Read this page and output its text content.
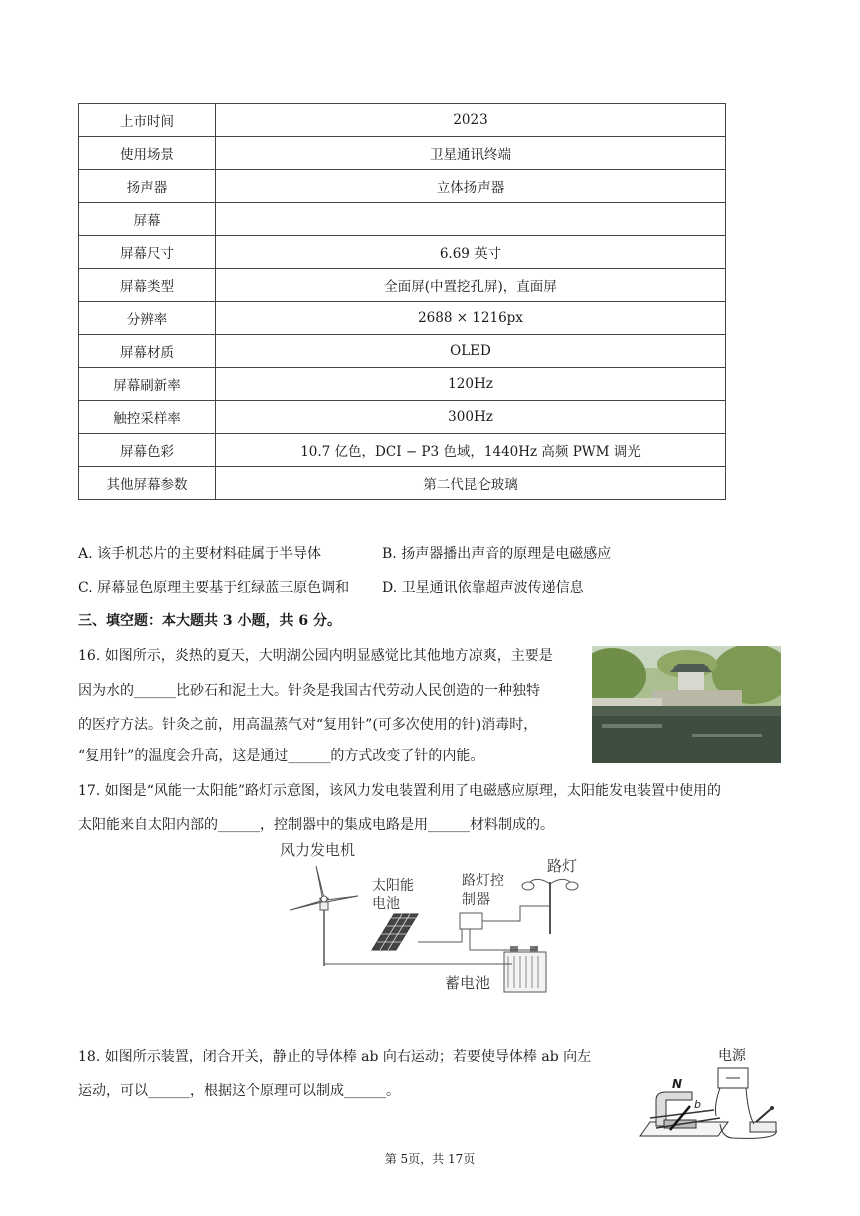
上市时间	2023
使用场景	卫星通讯终端
扬声器	立体扬声器
屏幕	
屏幕尺寸	6.69 英寸
屏幕类型	全面屏(中置挖孔屏)，直面屏
分辨率	2688 × 1216px
屏幕材质	OLED
屏幕刷新率	120Hz
触控采样率	300Hz
屏幕色彩	10.7 亿色，DCI − P3 色域，1440Hz 高频 PWM 调光
其他屏幕参数	第二代昆仑玻璃
A. 该手机芯片的主要材料硅属于半导体	B. 扬声器播出声音的原理是电磁感应
C. 屏幕显色原理主要基于红绿蓝三原色调和 D. 卫星通讯依靠超声波传递信息
三、填空题：本大题共 3 小题，共 6 分。
16. 如图所示，炎热的夏天，大明湖公园内明显感觉比其他地方凉爽，主要是
因为水的______比砂石和泥土大。针灸是我国古代劳动人民创造的一种独特
的医疗方法。针灸之前，用高温蒸气对“复用针”(可多次使用的针)消毒时，
“复用针”的温度会升高，这是通过______的方式改变了针的内能。
17. 如图是“风能一太阳能”路灯示意图，该风力发电装置利用了电磁感应原理，太阳能发电装置中使用的
太阳能来自太阳内部的______，控制器中的集成电路是用______材料制成的。
风力发电机
太阳能
电池
路灯控
制器
路灯
蓄电池
18. 如图所示装置，闭合开关，静止的导体棒 ab 向右运动；若要使导体棒 ab 向左
运动，可以______，根据这个原理可以制成______。
电源
N
b
第 5页，共 17页
